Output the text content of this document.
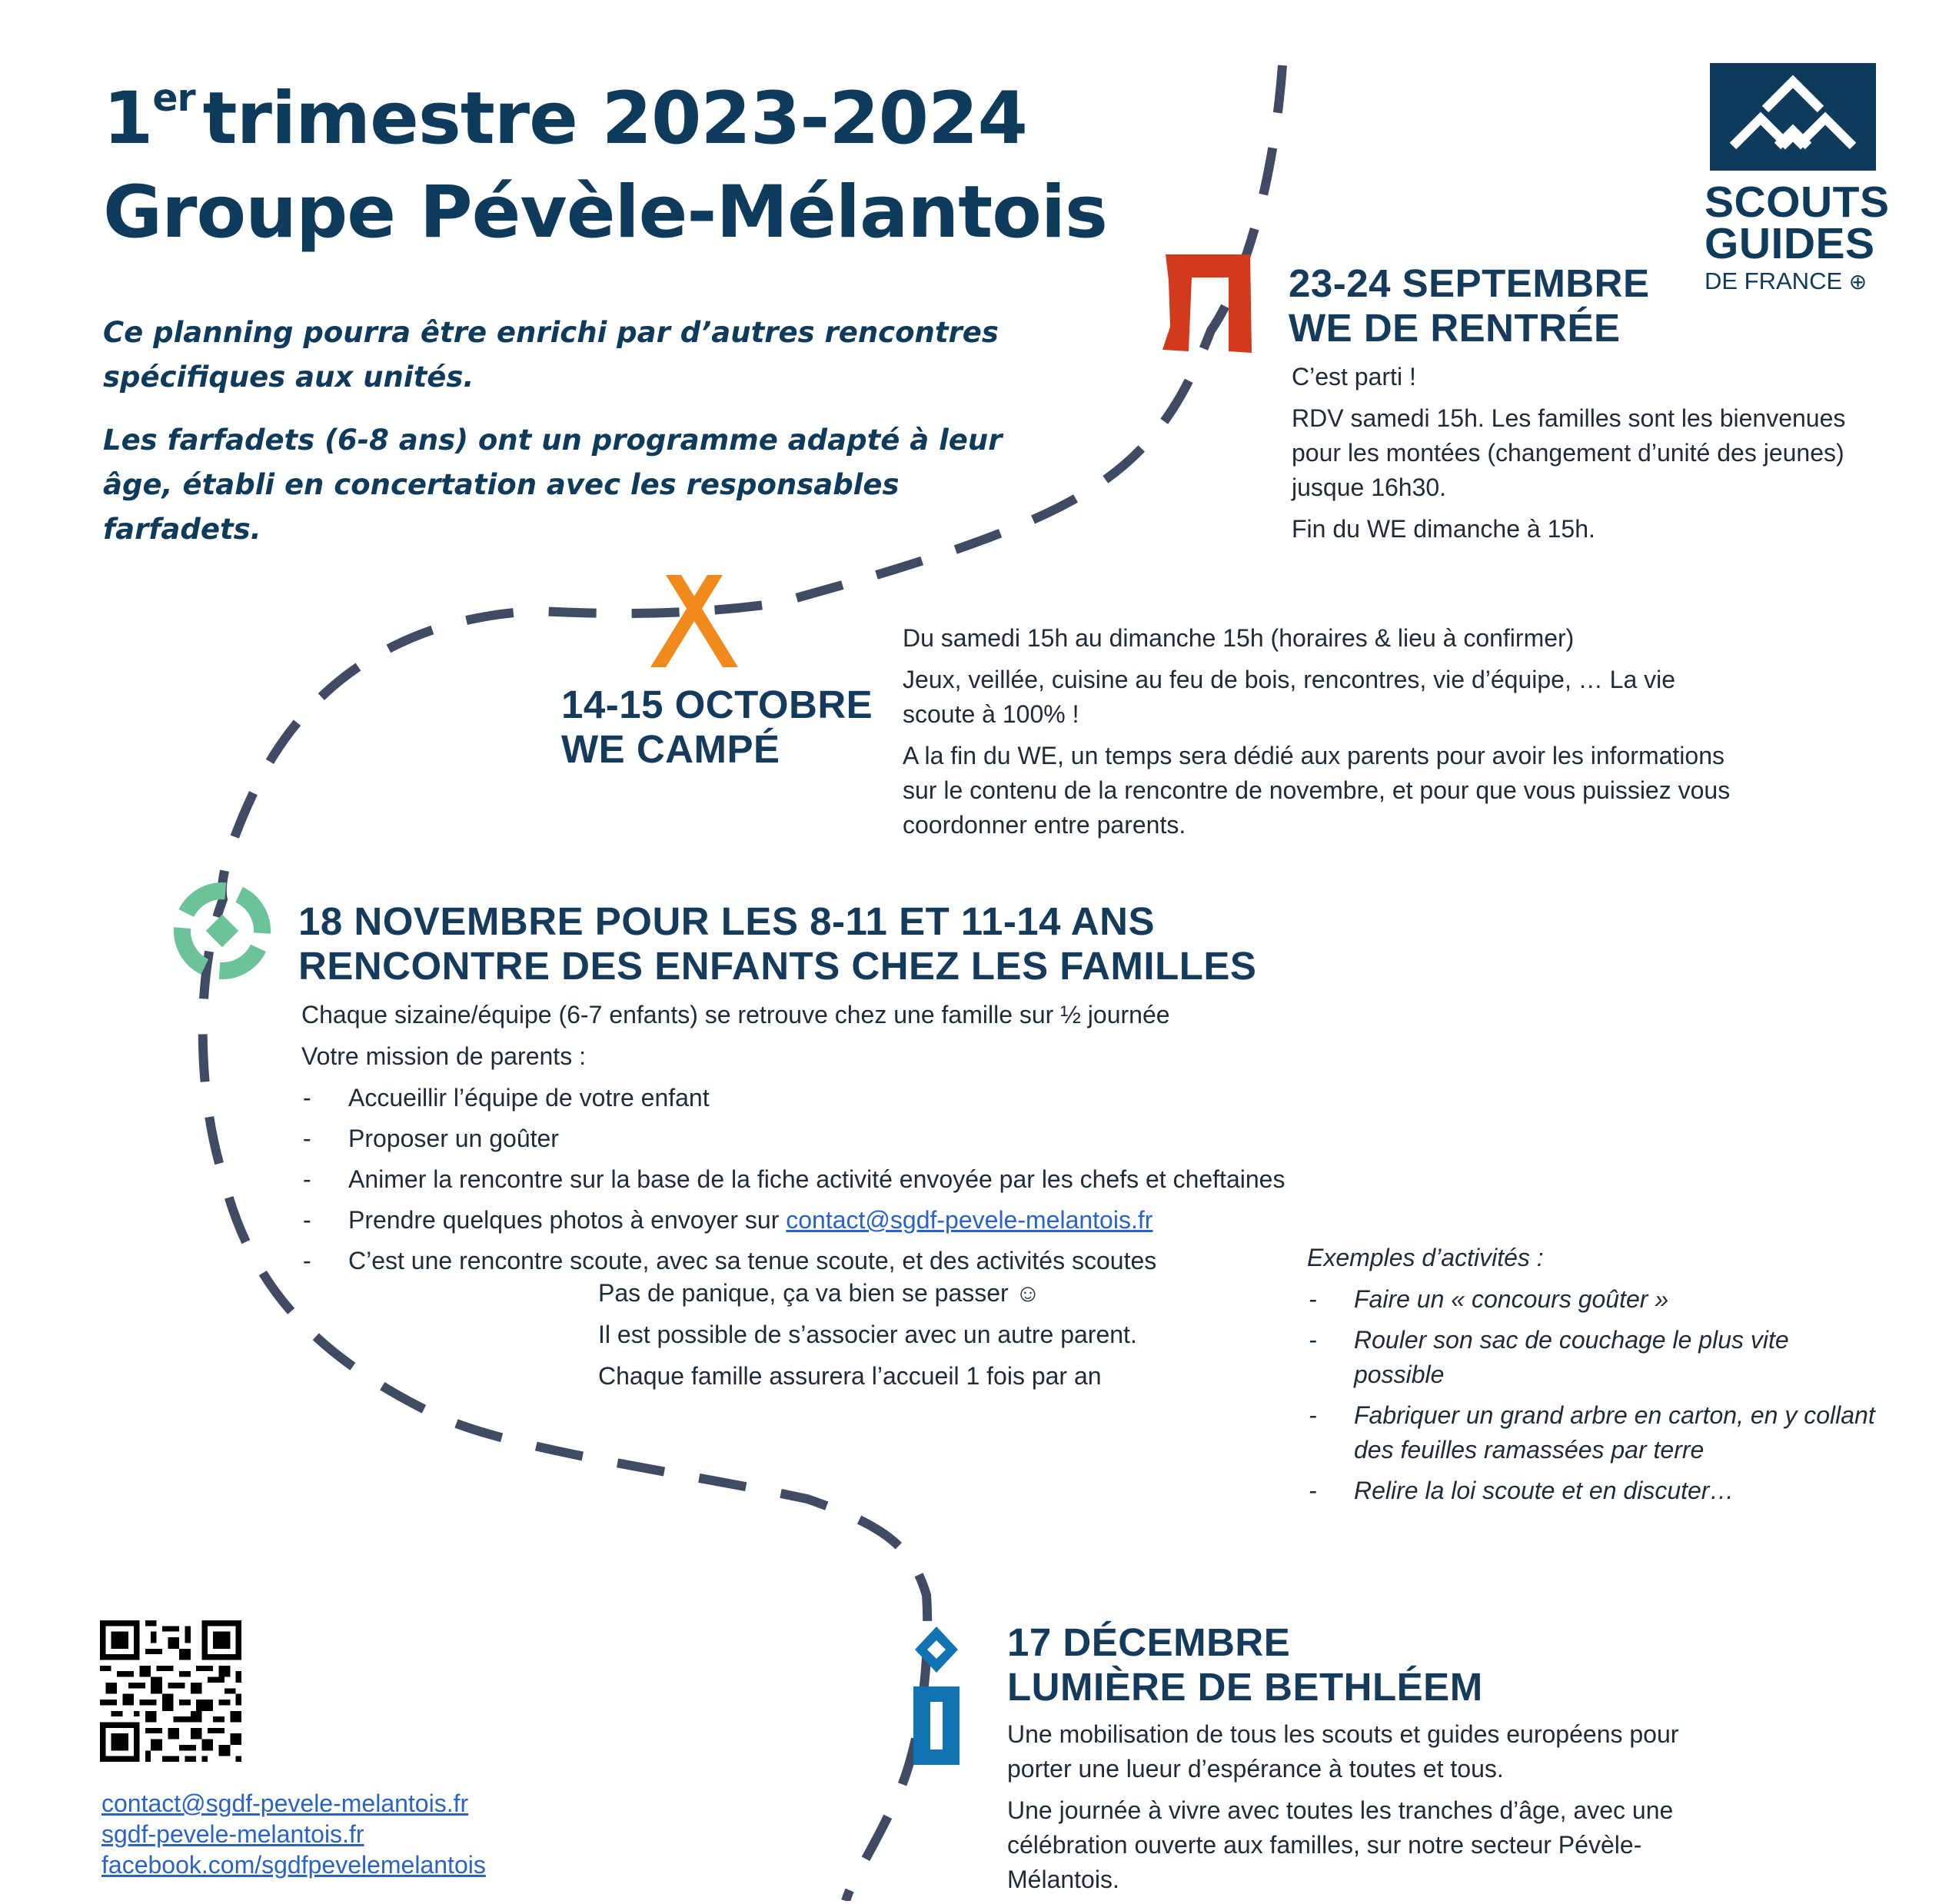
1er trimestre 2023-2024
Groupe Pévèle-Mélantois

Ce planning pourra être enrichi par d’autres rencontres spécifiques aux unités.

Les farfadets (6-8 ans) ont un programme adapté à leur âge, établi en concertation avec les responsables farfadets.

SCOUTS
GUIDES
DE FRANCE ⊕
23-24 SEPTEMBRE
WE DE RENTRÉE

C’est parti !

RDV samedi 15h. Les familles sont les bienvenues pour les montées (changement d’unité des jeunes) jusque 16h30.

Fin du WE dimanche à 15h.

14-15 OCTOBRE
WE CAMPÉ

Du samedi 15h au dimanche 15h (horaires & lieu à confirmer)

Jeux, veillée, cuisine au feu de bois, rencontres, vie d’équipe, … La vie scoute à 100% !

A la fin du WE, un temps sera dédié aux parents pour avoir les informations sur le contenu de la rencontre de novembre, et pour que vous puissiez vous coordonner entre parents.

18 NOVEMBRE POUR LES 8-11 ET 11-14 ANS
RENCONTRE DES ENFANTS CHEZ LES FAMILLES

Chaque sizaine/équipe (6-7 enfants) se retrouve chez une famille sur ½ journée

Votre mission de parents :

- Accueillir l’équipe de votre enfant
- Proposer un goûter
- Animer la rencontre sur la base de la fiche activité envoyée par les chefs et cheftaines
- Prendre quelques photos à envoyer sur contact@sgdf-pevele-melantois.fr
- C’est une rencontre scoute, avec sa tenue scoute, et des activités scoutes

Pas de panique, ça va bien se passer ☺

Il est possible de s’associer avec un autre parent.

Chaque famille assurera l’accueil 1 fois par an

Exemples d’activités :

- Faire un « concours goûter »
- Rouler son sac de couchage le plus vite possible
- Fabriquer un grand arbre en carton, en y collant des feuilles ramassées par terre
- Relire la loi scoute et en discuter…
17 DÉCEMBRE
LUMIÈRE DE BETHLÉEM

Une mobilisation de tous les scouts et guides européens pour porter une lueur d’espérance à toutes et tous.

Une journée à vivre avec toutes les tranches d’âge, avec une célébration ouverte aux familles, sur notre secteur Pévèle-Mélantois.

contact@sgdf-pevele-melantois.fr
sgdf-pevele-melantois.fr
facebook.com/sgdfpevelemelantois
